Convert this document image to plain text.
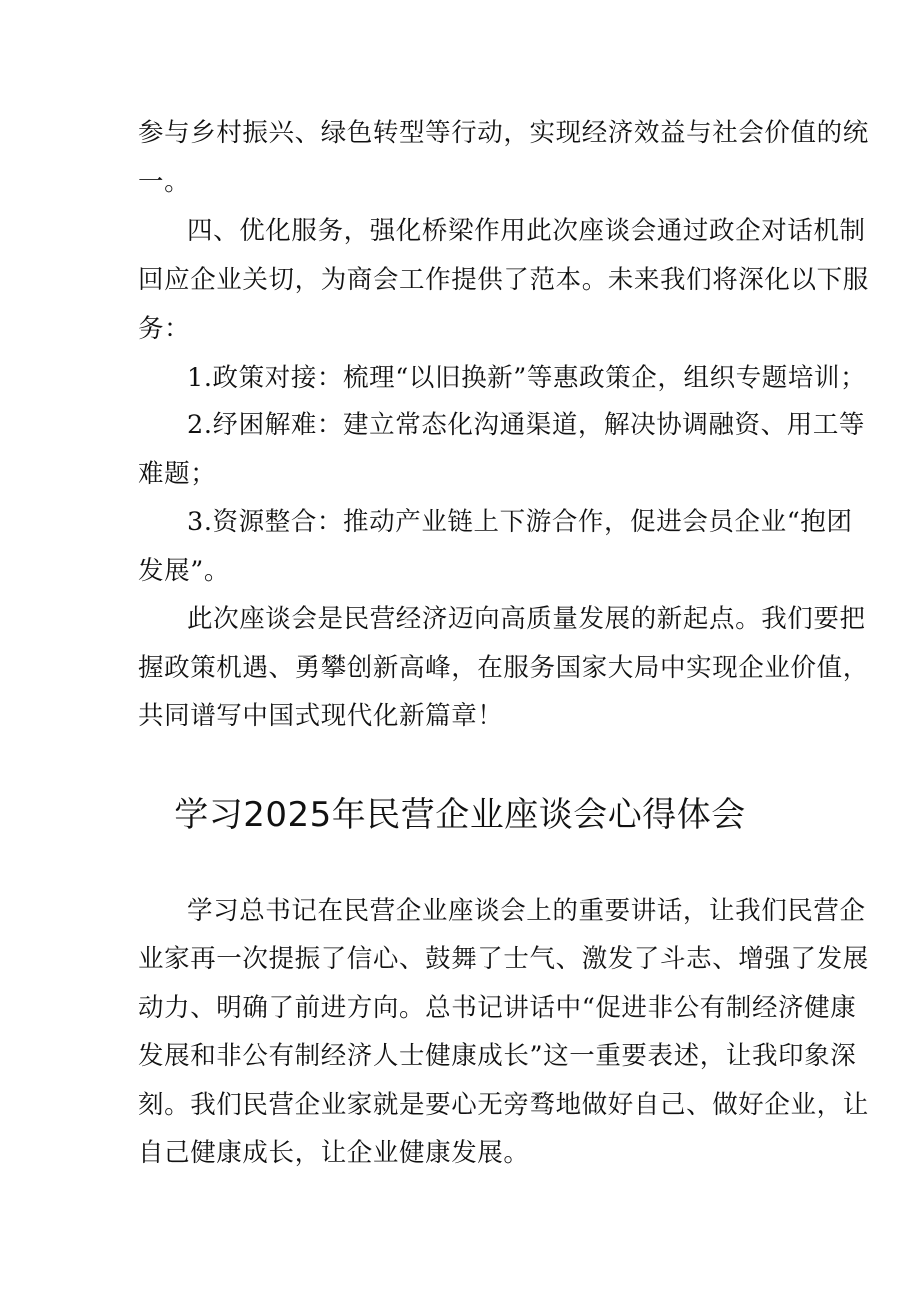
参与乡村振兴、绿色转型等行动，实现经济效益与社会价值的统
一。
四、优化服务，强化桥梁作用此次座谈会通过政企对话机制
回应企业关切，为商会工作提供了范本。未来我们将深化以下服
务：
1.政策对接：梳理“以旧换新”等惠政策企，组织专题培训；
2.纾困解难：建立常态化沟通渠道，解决协调融资、用工等
难题；
3.资源整合：推动产业链上下游合作，促进会员企业“抱团
发展”。
此次座谈会是民营经济迈向高质量发展的新起点。我们要把
握政策机遇、勇攀创新高峰，在服务国家大局中实现企业价值，
共同谱写中国式现代化新篇章！
学习2025年民营企业座谈会心得体会
学习总书记在民营企业座谈会上的重要讲话，让我们民营企
业家再一次提振了信心、鼓舞了士气、激发了斗志、增强了发展
动力、明确了前进方向。总书记讲话中“促进非公有制经济健康
发展和非公有制经济人士健康成长”这一重要表述，让我印象深
刻。我们民营企业家就是要心无旁骛地做好自己、做好企业，让
自己健康成长，让企业健康发展。
